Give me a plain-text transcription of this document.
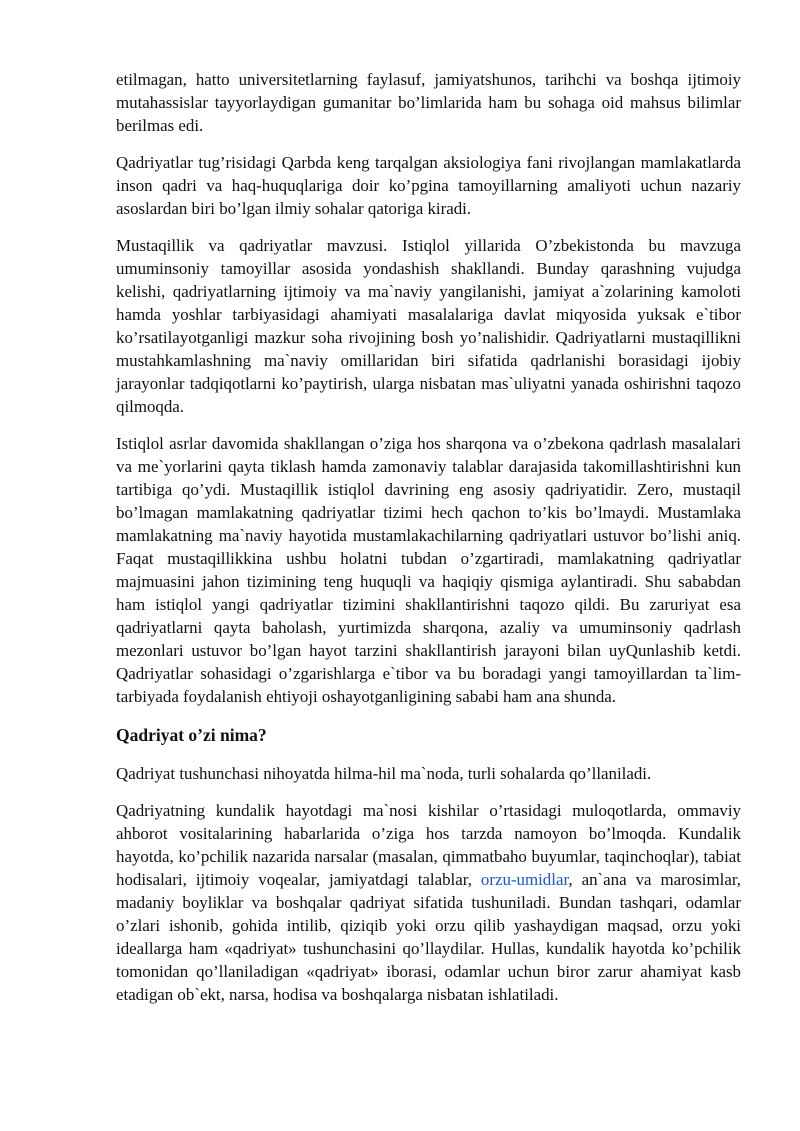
etilmagan, hatto universitetlarning faylasuf, jamiyatshunos, tarihchi va boshqa ijtimoiy mutahassislar tayyorlaydigan gumanitar bo’limlarida ham bu sohaga oid mahsus bilimlar berilmas edi.

Qadriyatlar tug’risidagi Qarbda keng tarqalgan aksiologiya fani rivojlangan mamlakatlarda inson qadri va haq-huquqlariga doir ko’pgina tamoyillarning amaliyoti uchun nazariy asoslardan biri bo’lgan ilmiy sohalar qatoriga kiradi.

Mustaqillik va qadriyatlar mavzusi. Istiqlol yillarida O’zbekistonda bu mavzuga umuminsoniy tamoyillar asosida yondashish shakllandi. Bunday qarashning vujudga kelishi, qadriyatlarning ijtimoiy va ma`naviy yangilanishi, jamiyat a`zolarining kamoloti hamda yoshlar tarbiyasidagi ahamiyati masalalariga davlat miqyosida yuksak e`tibor ko’rsatilayotganligi mazkur soha rivojining bosh yo’nalishidir. Qadriyatlarni mustaqillikni mustahkamlashning ma`naviy omillaridan biri sifatida qadrlanishi borasidagi ijobiy jarayonlar tadqiqotlarni ko’paytirish, ularga nisbatan mas`uliyatni yanada oshirishni taqozo qilmoqda.

Istiqlol asrlar davomida shakllangan o’ziga hos sharqona va o’zbekona qadrlash masalalari va me`yorlarini qayta tiklash hamda zamonaviy talablar darajasida takomillashtirishni kun tartibiga qo’ydi. Mustaqillik istiqlol davrining eng asosiy qadriyatidir. Zero, mustaqil bo’lmagan mamlakatning qadriyatlar tizimi hech qachon to’kis bo’lmaydi. Mustamlaka mamlakatning ma`naviy hayotida mustamlakachilarning qadriyatlari ustuvor bo’lishi aniq. Faqat mustaqillikkina ushbu holatni tubdan o’zgartiradi, mamlakatning qadriyatlar majmuasini jahon tizimining teng huquqli va haqiqiy qismiga aylantiradi. Shu sababdan ham istiqlol yangi qadriyatlar tizimini shakllantirishni taqozo qildi. Bu zaruriyat esa qadriyatlarni qayta baholash, yurtimizda sharqona, azaliy va umuminsoniy qadrlash mezonlari ustuvor bo’lgan hayot tarzini shakllantirish jarayoni bilan uyQunlashib ketdi. Qadriyatlar sohasidagi o’zgarishlarga e`tibor va bu boradagi yangi tamoyillardan ta`lim-tarbiyada foydalanish ehtiyoji oshayotganligining sababi ham ana shunda.

Qadriyat o’zi nima?

Qadriyat tushunchasi nihoyatda hilma-hil ma`noda, turli sohalarda qo’llaniladi.

Qadriyatning kundalik hayotdagi ma`nosi kishilar o’rtasidagi muloqotlarda, ommaviy ahborot vositalarining habarlarida o’ziga hos tarzda namoyon bo’lmoqda. Kundalik hayotda, ko’pchilik nazarida narsalar (masalan, qimmatbaho buyumlar, taqinchoqlar), tabiat hodisalari, ijtimoiy voqealar, jamiyatdagi talablar, orzu-umidlar, an`ana va marosimlar, madaniy boyliklar va boshqalar qadriyat sifatida tushuniladi. Bundan tashqari, odamlar o’zlari ishonib, gohida intilib, qiziqib yoki orzu qilib yashaydigan maqsad, orzu yoki ideallarga ham «qadriyat» tushunchasini qo’llaydilar. Hullas, kundalik hayotda ko’pchilik tomonidan qo’llaniladigan «qadriyat» iborasi, odamlar uchun biror zarur ahamiyat kasb etadigan ob`ekt, narsa, hodisa va boshqalarga nisbatan ishlatiladi.
